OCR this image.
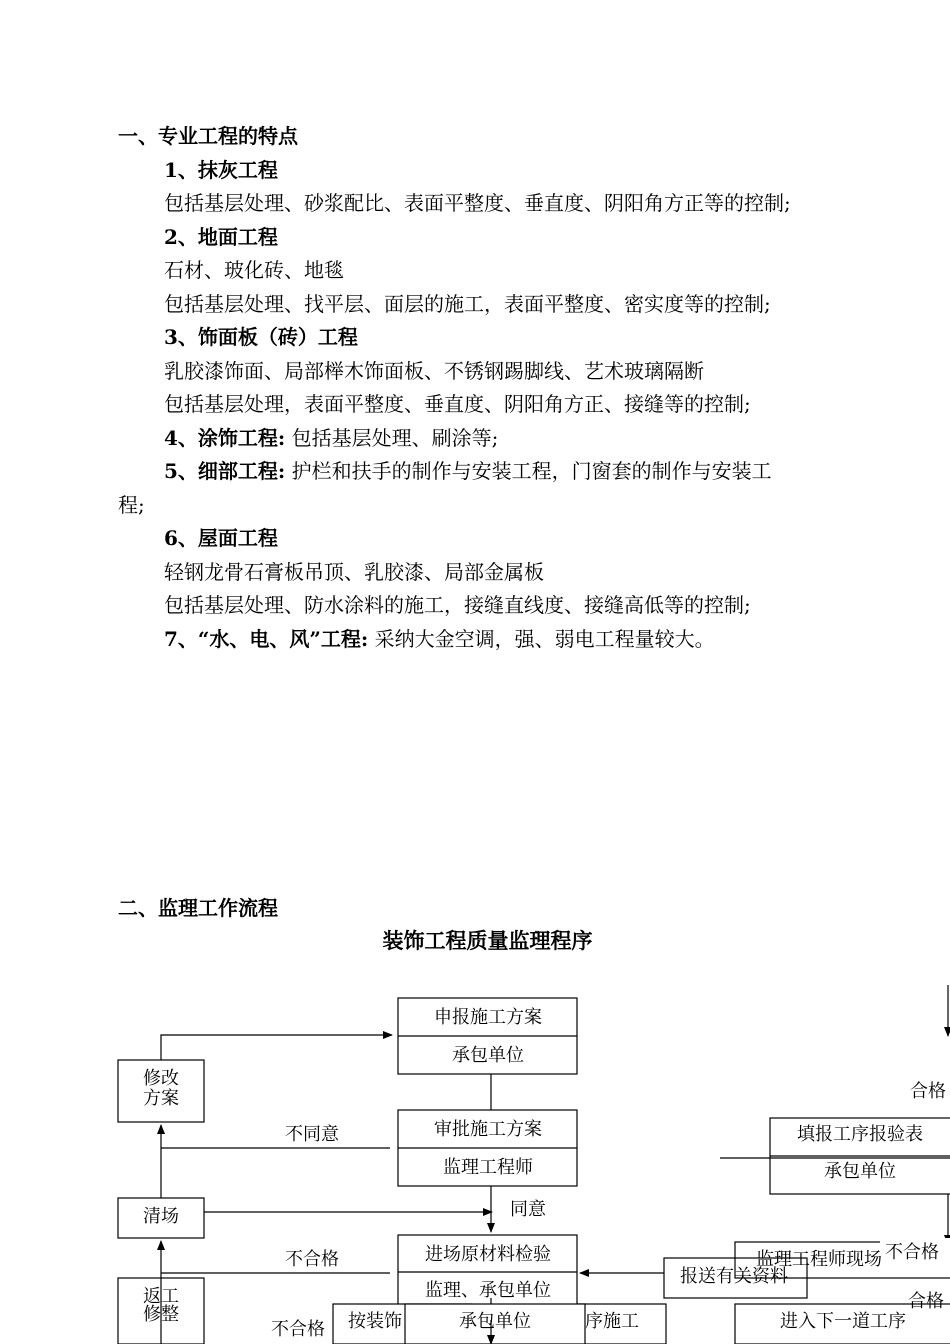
一、专业工程的特点
1、抹灰工程
包括基层处理、砂浆配比、表面平整度、垂直度、阴阳角方正等的控制;
2、地面工程
石材、玻化砖、地毯
包括基层处理、找平层、面层的施工，表面平整度、密实度等的控制;
3、饰面板（砖）工程
乳胶漆饰面、局部榉木饰面板、不锈钢踢脚线、艺术玻璃隔断
包括基层处理，表面平整度、垂直度、阴阳角方正、接缝等的控制;
4、涂饰工程: 包括基层处理、刷涂等;
5、细部工程: 护栏和扶手的制作与安装工程，门窗套的制作与安装工
程;
6、屋面工程
轻钢龙骨石膏板吊顶、乳胶漆、局部金属板
包括基层处理、防水涂料的施工，接缝直线度、接缝高低等的控制;
7、“水、电、风”工程: 采纳大金空调，强、弱电工程量较大。
二、监理工作流程
装饰工程质量监理程序
申报施工方案
承包单位
审批施工方案
监理工程师
进场原材料检验
监理、承包单位
修改
方案
清场
返工
修整
不同意
同意
不合格
不合格 按装饰	承包单位	序施工
填报工序报验表
承包单位
报送有关资料
监理工程师现场 不合格
合格
合格
进入下一道工序
